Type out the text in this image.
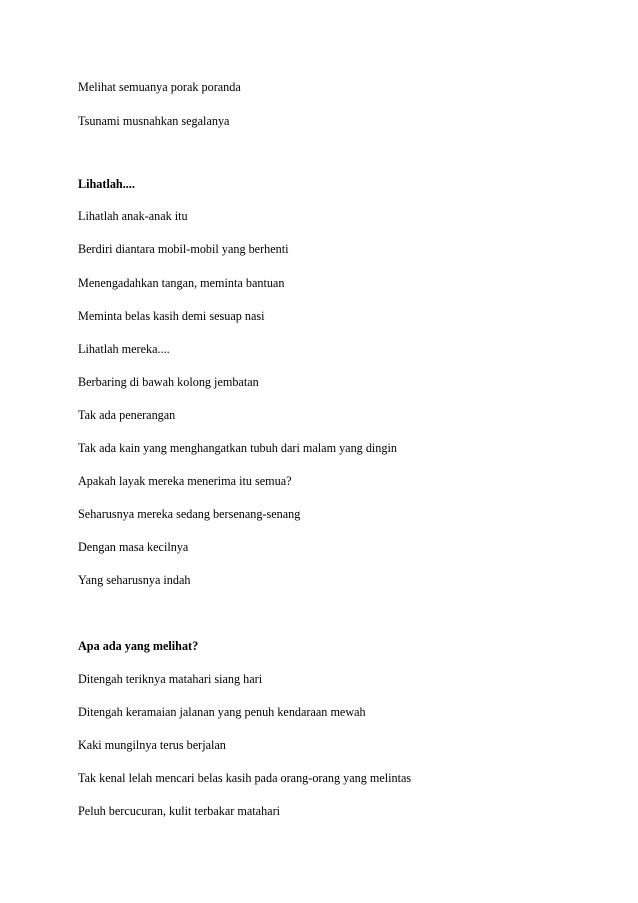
Melihat semuanya porak poranda
Tsunami musnahkan segalanya
Lihatlah....
Lihatlah anak-anak itu
Berdiri diantara mobil-mobil yang berhenti
Menengadahkan tangan, meminta bantuan
Meminta belas kasih demi sesuap nasi
Lihatlah mereka....
Berbaring di bawah kolong jembatan
Tak ada penerangan
Tak ada kain yang menghangatkan tubuh dari malam yang dingin
Apakah layak mereka menerima itu semua?
Seharusnya mereka sedang bersenang-senang
Dengan masa kecilnya
Yang seharusnya indah
Apa ada yang melihat?
Ditengah teriknya matahari siang hari
Ditengah keramaian jalanan yang penuh kendaraan mewah
Kaki mungilnya terus berjalan
Tak kenal lelah mencari belas kasih pada orang-orang yang melintas
Peluh bercucuran, kulit terbakar matahari
